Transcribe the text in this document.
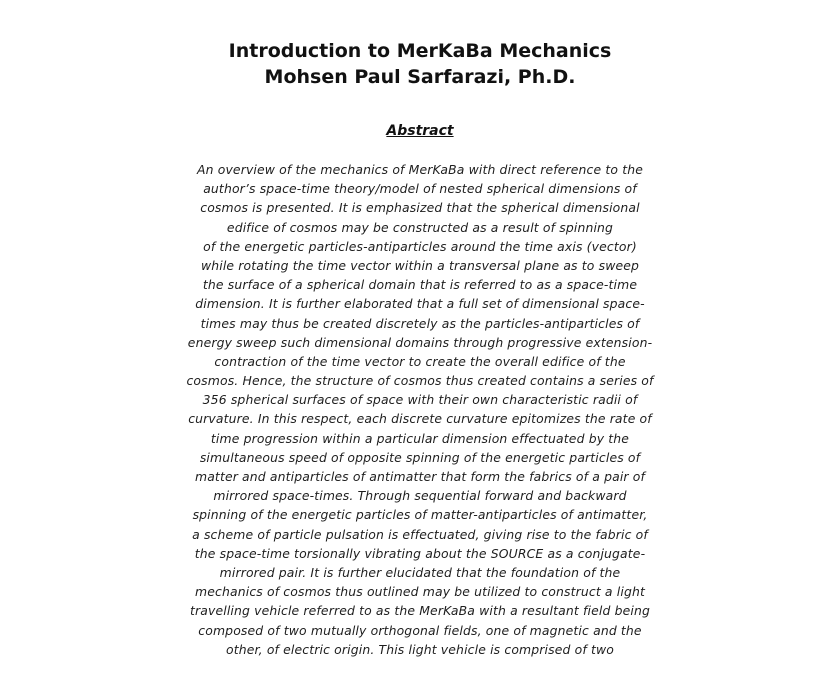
Introduction to MerKaBa Mechanics
Mohsen Paul Sarfarazi, Ph.D.
Abstract
An overview of the mechanics of MerKaBa with direct reference to the
author’s space-time theory/model of nested spherical dimensions of
cosmos is presented. It is emphasized that the spherical dimensional
edifice of cosmos may be constructed as a result of spinning
of the energetic particles-antiparticles around the time axis (vector)
while rotating the time vector within a transversal plane as to sweep
the surface of a spherical domain that is referred to as a space-time
dimension. It is further elaborated that a full set of dimensional space-
times may thus be created discretely as the particles-antiparticles of
energy sweep such dimensional domains through progressive extension-
contraction of the time vector to create the overall edifice of the
cosmos. Hence, the structure of cosmos thus created contains a series of
356 spherical surfaces of space with their own characteristic radii of
curvature. In this respect, each discrete curvature epitomizes the rate of
time progression within a particular dimension effectuated by the
simultaneous speed of opposite spinning of the energetic particles of
matter and antiparticles of antimatter that form the fabrics of a pair of
mirrored space-times. Through sequential forward and backward
spinning of the energetic particles of matter-antiparticles of antimatter,
a scheme of particle pulsation is effectuated, giving rise to the fabric of
the space-time torsionally vibrating about the SOURCE as a conjugate-
mirrored pair. It is further elucidated that the foundation of the
mechanics of cosmos thus outlined may be utilized to construct a light
travelling vehicle referred to as the MerKaBa with a resultant field being
composed of two mutually orthogonal fields, one of magnetic and the
other, of electric origin. This light vehicle is comprised of two
